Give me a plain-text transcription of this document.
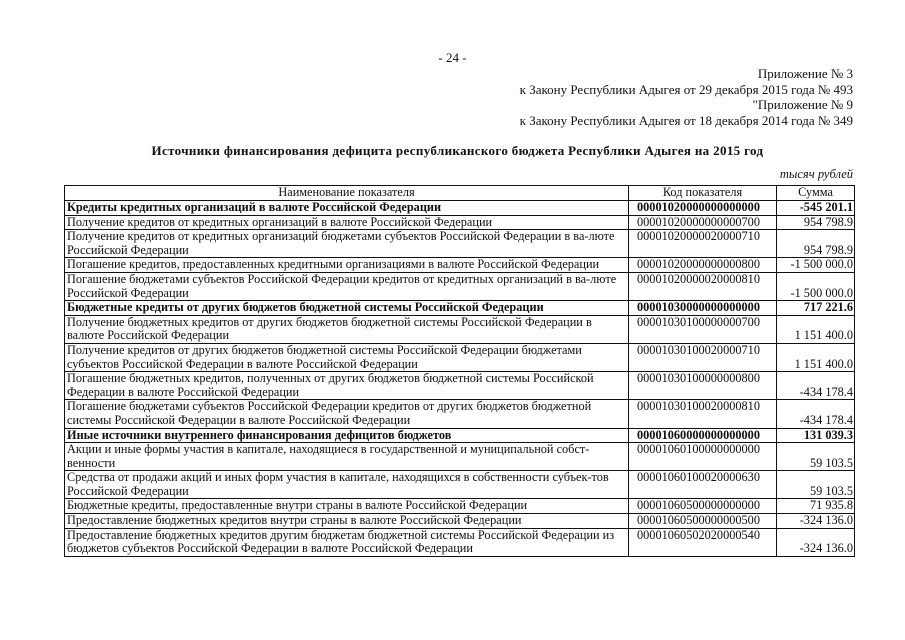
- 24 -
Приложение № 3
к Закону Республики Адыгея от 29 декабря 2015 года № 493
"Приложение № 9
к Закону Республики Адыгея от 18 декабря 2014 года № 349
Источники финансирования дефицита республиканского бюджета Республики Адыгея на 2015 год
тысяч рублей
Наименование показателя	Код показателя	Сумма
Кредиты кредитных организаций в валюте Российской Федерации	00001020000000000000	-545 201.1
Получение кредитов от кредитных организаций в валюте Российской Федерации	00001020000000000700	954 798.9
Получение кредитов от кредитных организаций бюджетами субъектов Российской Федерации в ва-люте Российской Федерации	00001020000020000710	954 798.9
Погашение кредитов, предоставленных кредитными организациями в валюте Российской Федерации	00001020000000000800	-1 500 000.0
Погашение бюджетами субъектов Российской Федерации кредитов от кредитных организаций в ва-люте Российской Федерации	00001020000020000810	-1 500 000.0
Бюджетные кредиты от других бюджетов бюджетной системы Российской Федерации	00001030000000000000	717 221.6
Получение бюджетных кредитов от других бюджетов бюджетной системы Российской Федерации в валюте Российской Федерации	00001030100000000700	1 151 400.0
Получение кредитов от других бюджетов бюджетной системы Российской Федерации бюджетами субъектов Российской Федерации в валюте Российской Федерации	00001030100020000710	1 151 400.0
Погашение бюджетных кредитов, полученных от других бюджетов бюджетной системы Российской Федерации в валюте Российской Федерации	00001030100000000800	-434 178.4
Погашение бюджетами субъектов Российской Федерации кредитов от других бюджетов бюджетной системы Российской Федерации в валюте Российской Федерации	00001030100020000810	-434 178.4
Иные источники внутреннего финансирования дефицитов бюджетов	00001060000000000000	131 039.3
Акции и иные формы участия в капитале, находящиеся в государственной и муниципальной собст-венности	00001060100000000000	59 103.5
Средства от продажи акций и иных форм участия в капитале, находящихся в собственности субъек-тов Российской Федерации	00001060100020000630	59 103.5
Бюджетные кредиты, предоставленные внутри страны в валюте Российской Федерации	00001060500000000000	71 935.8
Предоставление бюджетных кредитов внутри страны в валюте Российской Федерации	00001060500000000500	-324 136.0
Предоставление бюджетных кредитов другим бюджетам бюджетной системы Российской Федерации из бюджетов субъектов Российской Федерации в валюте Российской Федерации	00001060502020000540	-324 136.0
